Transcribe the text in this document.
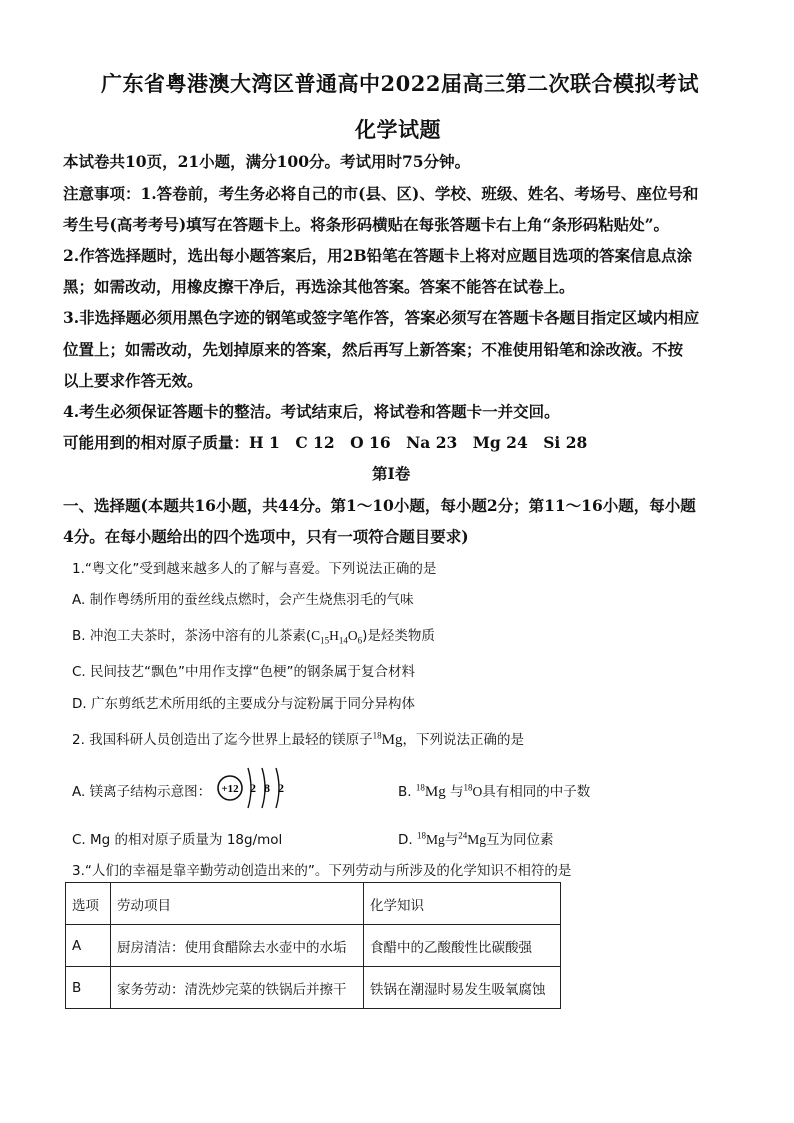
广东省粤港澳大湾区普通高中2022届高三第二次联合模拟考试
化学试题
本试卷共10页，21小题，满分100分。考试用时75分钟。
注意事项：1.答卷前，考生务必将自己的市(县、区)、学校、班级、姓名、考场号、座位号和
考生号(高考考号)填写在答题卡上。将条形码横贴在每张答题卡右上角“条形码粘贴处”。
2.作答选择题时，选出每小题答案后，用2B铅笔在答题卡上将对应题目选项的答案信息点涂
黑；如需改动，用橡皮擦干净后，再选涂其他答案。答案不能答在试卷上。
3.非选择题必须用黑色字迹的钢笔或签字笔作答，答案必须写在答题卡各题目指定区域内相应
位置上；如需改动，先划掉原来的答案，然后再写上新答案；不准使用铅笔和涂改液。不按
以上要求作答无效。
4.考生必须保证答题卡的整洁。考试结束后，将试卷和答题卡一并交回。
可能用到的相对原子质量：H 1　C 12　O 16　Na 23　Mg 24　Si 28
第Ⅰ卷
一、选择题(本题共16小题，共44分。第1～10小题，每小题2分；第11～16小题，每小题
4分。在每小题给出的四个选项中，只有一项符合题目要求)
1.“粤文化”受到越来越多人的了解与喜爱。下列说法正确的是
A. 制作粤绣所用的蚕丝线点燃时，会产生烧焦羽毛的气味
B. 冲泡工夫茶时，茶汤中溶有的儿茶素$(C_{15}H_{14}O_6)$是烃类物质
C. 民间技艺“飘色”中用作支撑“色梗”的钢条属于复合材料
D. 广东剪纸艺术所用纸的主要成分与淀粉属于同分异构体
2. 我国科研人员创造出了迄今世界上最轻的镁原子$^{18}$Mg，下列说法正确的是
A. 镁离子结构示意图： +12 2 8 2	B. $^{18}$Mg 与$^{18}$O具有相同的中子数
C. Mg 的相对原子质量为 18g/mol	D. $^{18}$Mg与$^{24}$Mg互为同位素
3.“人们的幸福是靠辛勤劳动创造出来的”。下列劳动与所涉及的化学知识不相符的是
选项	劳动项目	化学知识
A	厨房清洁：使用食醋除去水壶中的水垢	食醋中的乙酸酸性比碳酸强
B	家务劳动：清洗炒完菜的铁锅后并擦干	铁锅在潮湿时易发生吸氧腐蚀
